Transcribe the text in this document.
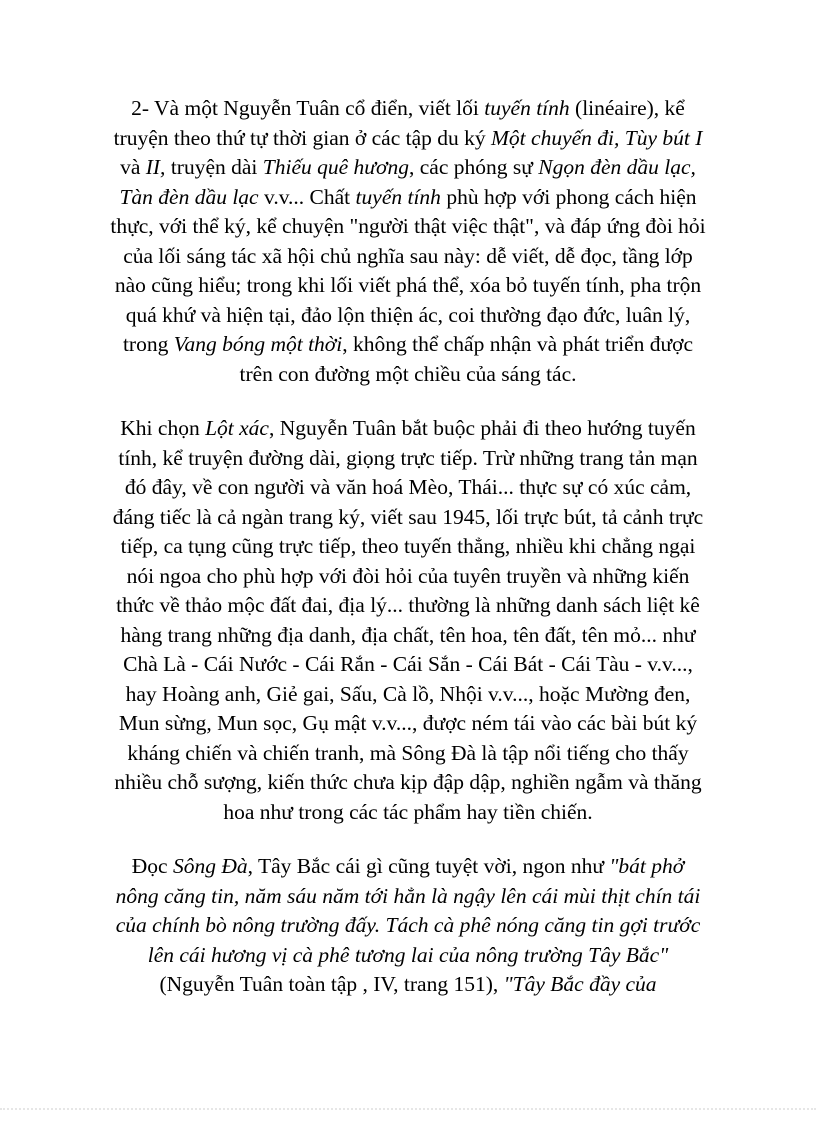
2- Và một Nguyễn Tuân cổ điển, viết lối tuyến tính (linéaire), kể truyện theo thứ tự thời gian ở các tập du ký Một chuyến đi, Tùy bút I và II, truyện dài Thiếu quê hương, các phóng sự Ngọn đèn dầu lạc, Tàn đèn dầu lạc v.v... Chất tuyến tính phù hợp với phong cách hiện thực, với thể ký, kể chuyện "người thật việc thật", và đáp ứng đòi hỏi của lối sáng tác xã hội chủ nghĩa sau này: dễ viết, dễ đọc, tầng lớp nào cũng hiểu; trong khi lối viết phá thể, xóa bỏ tuyến tính, pha trộn quá khứ và hiện tại, đảo lộn thiện ác, coi thường đạo đức, luân lý, trong Vang bóng một thời, không thể chấp nhận và phát triển được trên con đường một chiều của sáng tác.

Khi chọn Lột xác, Nguyễn Tuân bắt buộc phải đi theo hướng tuyến tính, kể truyện đường dài, giọng trực tiếp. Trừ những trang tản mạn đó đây, về con người và văn hoá Mèo, Thái... thực sự có xúc cảm, đáng tiếc là cả ngàn trang ký, viết sau 1945, lối trực bút, tả cảnh trực tiếp, ca tụng cũng trực tiếp, theo tuyến thẳng, nhiều khi chẳng ngại nói ngoa cho phù hợp với đòi hỏi của tuyên truyền và những kiến thức về thảo mộc đất đai, địa lý... thường là những danh sách liệt kê hàng trang những địa danh, địa chất, tên hoa, tên đất, tên mỏ... như Chà Là - Cái Nước - Cái Rắn - Cái Sắn - Cái Bát - Cái Tàu - v.v..., hay Hoàng anh, Giẻ gai, Sấu, Cà lồ, Nhội v.v..., hoặc Mường đen, Mun sừng, Mun sọc, Gụ mật v.v..., được ném tái vào các bài bút ký kháng chiến và chiến tranh, mà Sông Đà là tập nổi tiếng cho thấy nhiều chỗ sượng, kiến thức chưa kịp đập dập, nghiền ngẫm và thăng hoa như trong các tác phẩm hay tiền chiến.

Đọc Sông Đà, Tây Bắc cái gì cũng tuyệt vời, ngon như "bát phở nông căng tin, năm sáu năm tới hẳn là ngậy lên cái mùi thịt chín tái của chính bò nông trường đấy. Tách cà phê nóng căng tin gợi trước lên cái hương vị cà phê tương lai của nông trường Tây Bắc" (Nguyễn Tuân toàn tập , IV, trang 151), "Tây Bắc đầy của
